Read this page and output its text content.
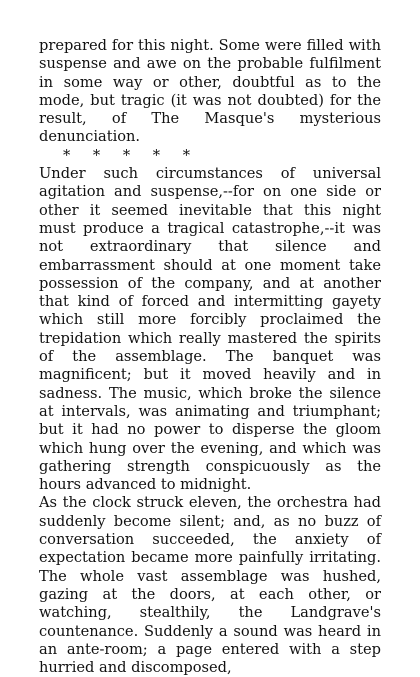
prepared for this night. Some were filled with suspense and awe on the probable fulfilment in some way or other, doubtful as to the mode, but tragic (it was not doubted) for the result, of The Masque's mysterious denunciation.

* * * * *

Under such circumstances of universal agitation and suspense,--for on one side or other it seemed inevitable that this night must produce a tragical catastrophe,--it was not extraordinary that silence and embarrassment should at one moment take possession of the company, and at another that kind of forced and intermitting gayety which still more forcibly proclaimed the trepidation which really mastered the spirits of the assemblage. The banquet was magnificent; but it moved heavily and in sadness. The music, which broke the silence at intervals, was animating and triumphant; but it had no power to disperse the gloom which hung over the evening, and which was gathering strength conspicuously as the hours advanced to midnight.

As the clock struck eleven, the orchestra had suddenly become silent; and, as no buzz of conversation succeeded, the anxiety of expectation became more painfully irritating. The whole vast assemblage was hushed, gazing at the doors, at each other, or watching, stealthily, the Landgrave's countenance. Suddenly a sound was heard in an ante-room; a page entered with a step hurried and discomposed,
